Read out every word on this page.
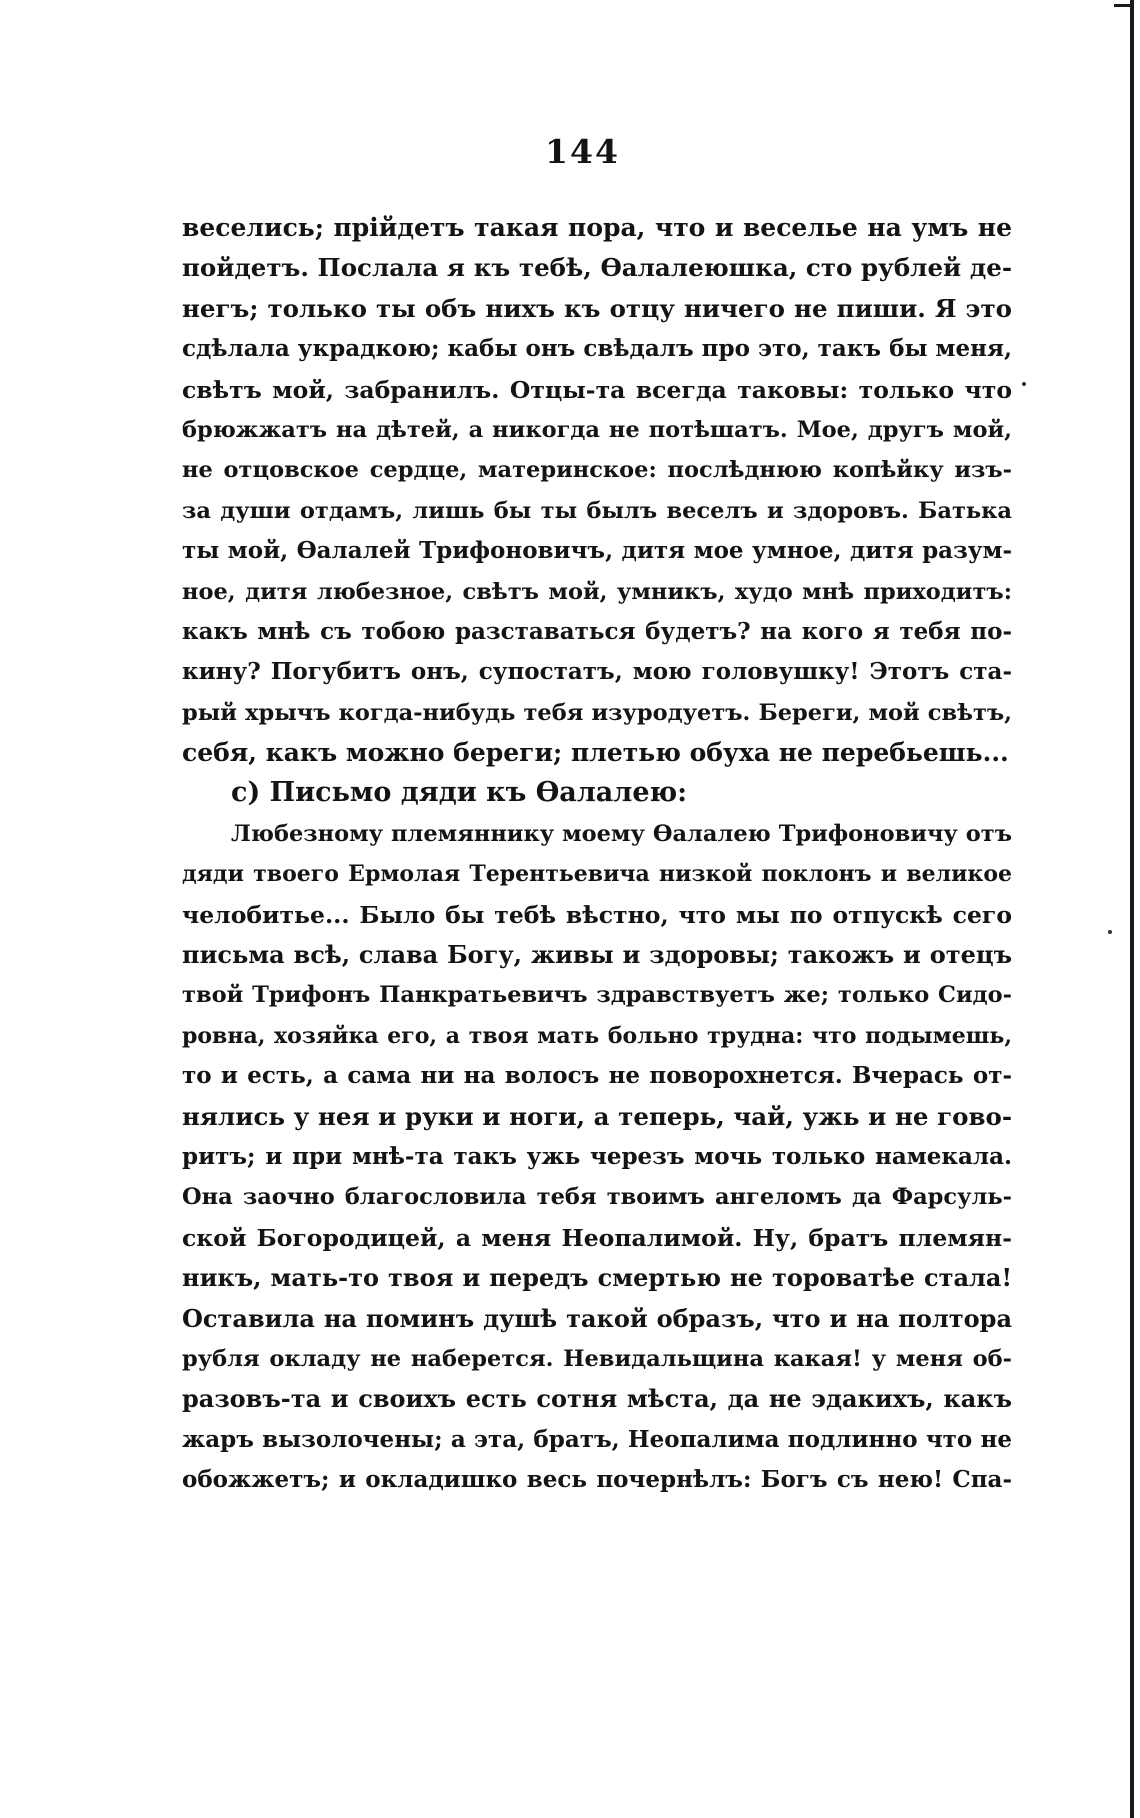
144
веселись; прійдетъ такая пора, что и веселье на умъ не
пойдетъ. Послала я къ тебѣ, Ѳалалеюшка, сто рублей де-
негъ; только ты объ нихъ къ отцу ничего не пиши. Я это
сдѣлала украдкою; кабы онъ свѣдалъ про это, такъ бы меня,
свѣтъ мой, забранилъ. Отцы-та всегда таковы: только что
брюжжатъ на дѣтей, а никогда не потѣшатъ. Мое, другъ мой,
не отцовское сердце, материнское: послѣднюю копѣйку изъ-
за души отдамъ, лишь бы ты былъ веселъ и здоровъ. Батька
ты мой, Ѳалалей Трифоновичъ, дитя мое умное, дитя разум-
ное, дитя любезное, свѣтъ мой, умникъ, худо мнѣ приходитъ:
какъ мнѣ съ тобою разставаться будетъ? на кого я тебя по-
кину? Погубитъ онъ, супостатъ, мою головушку! Этотъ ста-
рый хрычъ когда-нибудь тебя изуродуетъ. Береги, мой свѣтъ,
себя, какъ можно береги; плетью обуха не перебьешь...
с) Письмо дяди къ Ѳалалею:
Любезному племяннику моему Ѳалалею Трифоновичу отъ
дяди твоего Ермолая Терентьевича низкой поклонъ и великое
челобитье... Было бы тебѣ вѣстно, что мы по отпускѣ сего
письма всѣ, слава Богу, живы и здоровы; такожъ и отецъ
твой Трифонъ Панкратьевичъ здравствуетъ же; только Сидо-
ровна, хозяйка его, а твоя мать больно трудна: что подымешь,
то и есть, а сама ни на волосъ не поворохнется. Вчерась от-
нялись у нея и руки и ноги, а теперь, чай, ужь и не гово-
ритъ; и при мнѣ-та такъ ужь черезъ мочь только намекала.
Она заочно благословила тебя твоимъ ангеломъ да Фарсуль-
ской Богородицей, а меня Неопалимой. Ну, братъ племян-
никъ, мать-то твоя и передъ смертью не тороватѣе стала!
Оставила на поминъ душѣ такой образъ, что и на полтора
рубля окладу не наберется. Невидальщина какая! у меня об-
разовъ-та и своихъ есть сотня мѣста, да не эдакихъ, какъ
жаръ вызолочены; а эта, братъ, Неопалима подлинно что не
обожжетъ; и окладишко весь почернѣлъ: Богъ съ нею! Спа-
